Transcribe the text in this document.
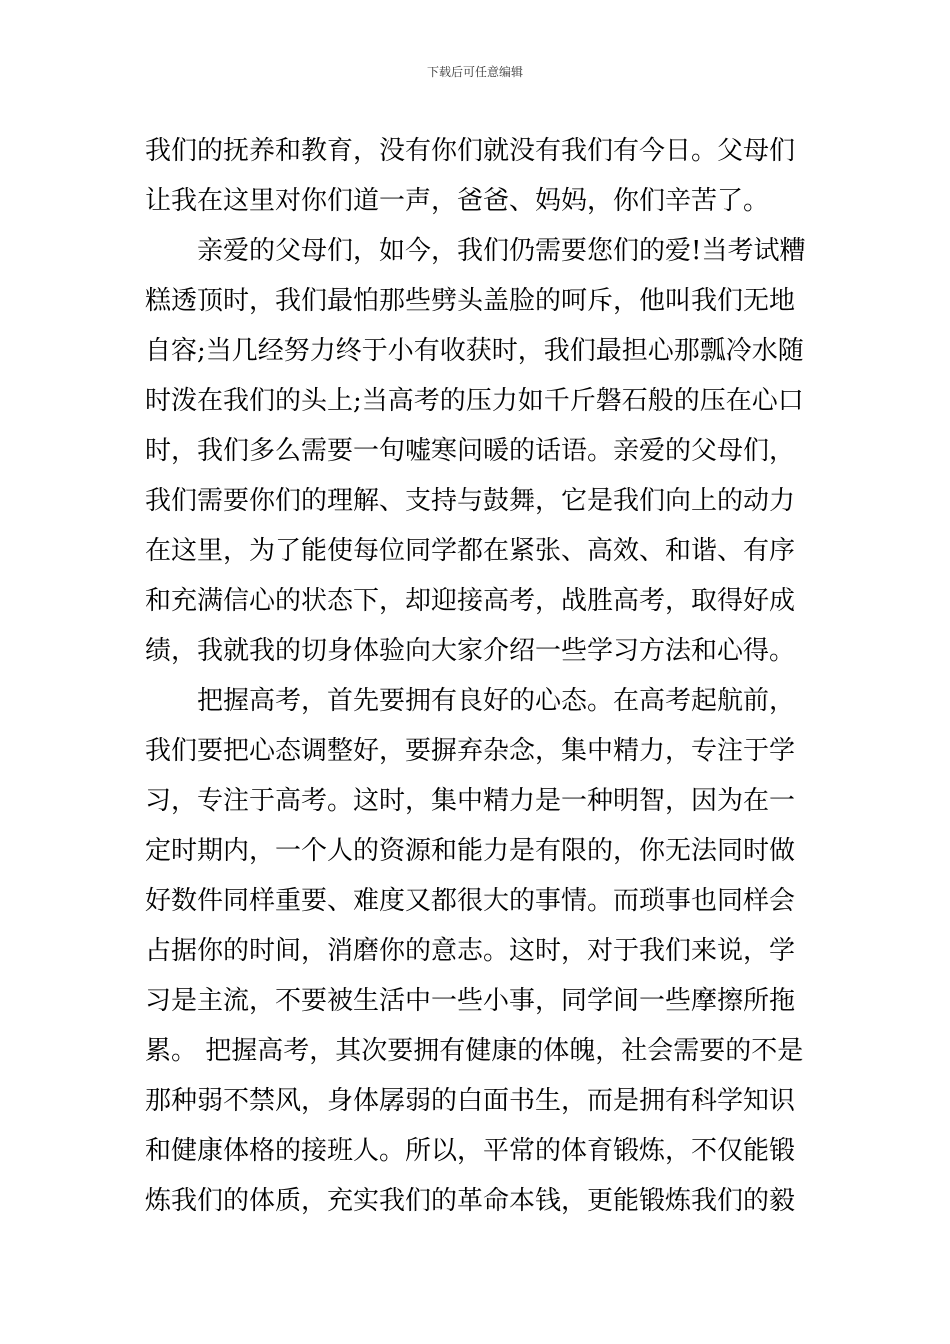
下载后可任意编辑
我们的抚养和教育，没有你们就没有我们有今日。父母们
让我在这里对你们道一声，爸爸、妈妈，你们辛苦了。
　　亲爱的父母们，如今，我们仍需要您们的爱!当考试糟
糕透顶时，我们最怕那些劈头盖脸的呵斥，他叫我们无地
自容;当几经努力终于小有收获时，我们最担心那瓢冷水随
时泼在我们的头上;当高考的压力如千斤磐石般的压在心口
时，我们多么需要一句嘘寒问暖的话语。亲爱的父母们，
我们需要你们的理解、支持与鼓舞，它是我们向上的动力
在这里，为了能使每位同学都在紧张、高效、和谐、有序
和充满信心的状态下，却迎接高考，战胜高考，取得好成
绩，我就我的切身体验向大家介绍一些学习方法和心得。
　　把握高考，首先要拥有良好的心态。在高考起航前，
我们要把心态调整好，要摒弃杂念，集中精力，专注于学
习，专注于高考。这时，集中精力是一种明智，因为在一
定时期内，一个人的资源和能力是有限的，你无法同时做
好数件同样重要、难度又都很大的事情。而琐事也同样会
占据你的时间，消磨你的意志。这时，对于我们来说，学
习是主流，不要被生活中一些小事，同学间一些摩擦所拖
累。 把握高考，其次要拥有健康的体魄，社会需要的不是
那种弱不禁风，身体孱弱的白面书生，而是拥有科学知识
和健康体格的接班人。所以，平常的体育锻炼，不仅能锻
炼我们的体质，充实我们的革命本钱，更能锻炼我们的毅
